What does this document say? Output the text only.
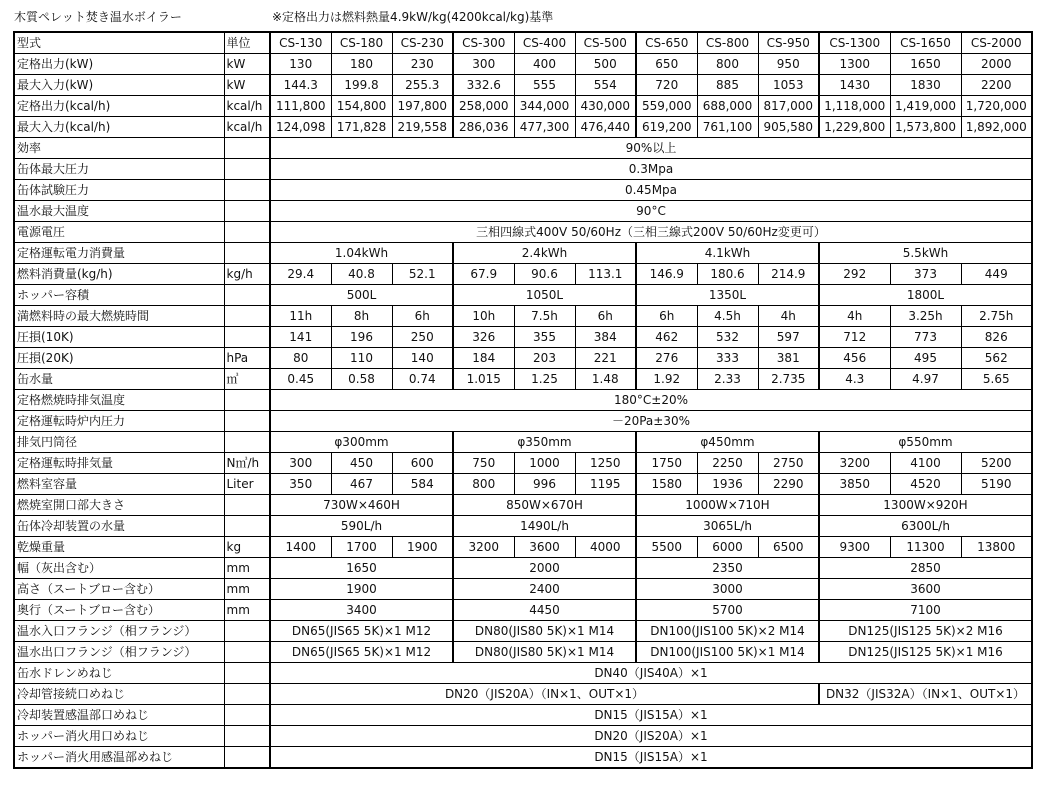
木質ペレット焚き温水ボイラー	※定格出力は燃料熱量4.9kW/kg(4200kcal/kg)基準
型式	単位	CS-130	CS-180	CS-230	CS-300	CS-400	CS-500	CS-650	CS-800	CS-950	CS-1300	CS-1650	CS-2000
定格出力(kW)	kW	130	180	230	300	400	500	650	800	950	1300	1650	2000
最大入力(kW)	kW	144.3	199.8	255.3	332.6	555	554	720	885	1053	1430	1830	2200
定格出力(kcal/h)	kcal/h	111,800	154,800	197,800	258,000	344,000	430,000	559,000	688,000	817,000	1,118,000	1,419,000	1,720,000
最大入力(kcal/h)	kcal/h	124,098	171,828	219,558	286,036	477,300	476,440	619,200	761,100	905,580	1,229,800	1,573,800	1,892,000
効率		90%以上											
缶体最大圧力		0.3Mpa											
缶体試験圧力		0.45Mpa											
温水最大温度		90°C											
電源電圧		三相四線式400V 50/60Hz（三相三線式200V 50/60Hz変更可）											
定格運転電力消費量		1.04kWh			2.4kWh			4.1kWh			5.5kWh		
燃料消費量(kg/h)	kg/h	29.4	40.8	52.1	67.9	90.6	113.1	146.9	180.6	214.9	292	373	449
ホッパー容積		500L			1050L			1350L			1800L		
満燃料時の最大燃焼時間		11h	8h	6h	10h	7.5h	6h	6h	4.5h	4h	4h	3.25h	2.75h
圧損(10K)		141	196	250	326	355	384	462	532	597	712	773	826
圧損(20K)	hPa	80	110	140	184	203	221	276	333	381	456	495	562
缶水量	㎥	0.45	0.58	0.74	1.015	1.25	1.48	1.92	2.33	2.735	4.3	4.97	5.65
定格燃焼時排気温度		180°C±20%											
定格運転時炉内圧力		－20Pa±30%											
排気円筒径		φ300mm			φ350mm			φ450mm			φ550mm		
定格運転時排気量	N㎥/h	300	450	600	750	1000	1250	1750	2250	2750	3200	4100	5200
燃料室容量	Liter	350	467	584	800	996	1195	1580	1936	2290	3850	4520	5190
燃焼室開口部大きさ		730W×460H			850W×670H			1000W×710H			1300W×920H		
缶体冷却装置の水量		590L/h			1490L/h			3065L/h			6300L/h		
乾燥重量	kg	1400	1700	1900	3200	3600	4000	5500	6000	6500	9300	11300	13800
幅（灰出含む）	mm	1650			2000			2350			2850		
高さ（スートブロー含む）	mm	1900			2400			3000			3600		
奥行（スートブロー含む）	mm	3400			4450			5700			7100		
温水入口フランジ（相フランジ）		DN65(JIS65 5K)×1 M12			DN80(JIS80 5K)×1 M14			DN100(JIS100 5K)×2 M14			DN125(JIS125 5K)×2 M16		
温水出口フランジ（相フランジ）		DN65(JIS65 5K)×1 M12			DN80(JIS80 5K)×1 M14			DN100(JIS100 5K)×1 M14			DN125(JIS125 5K)×1 M16		
缶水ドレンめねじ		DN40（JIS40A）×1											
冷却管接続口めねじ		DN20（JIS20A）（IN×1、OUT×1）									DN32（JIS32A）（IN×1、OUT×1）		
冷却装置感温部口めねじ		DN15（JIS15A）×1											
ホッパー消火用口めねじ		DN20（JIS20A）×1											
ホッパー消火用感温部めねじ		DN15（JIS15A）×1											
